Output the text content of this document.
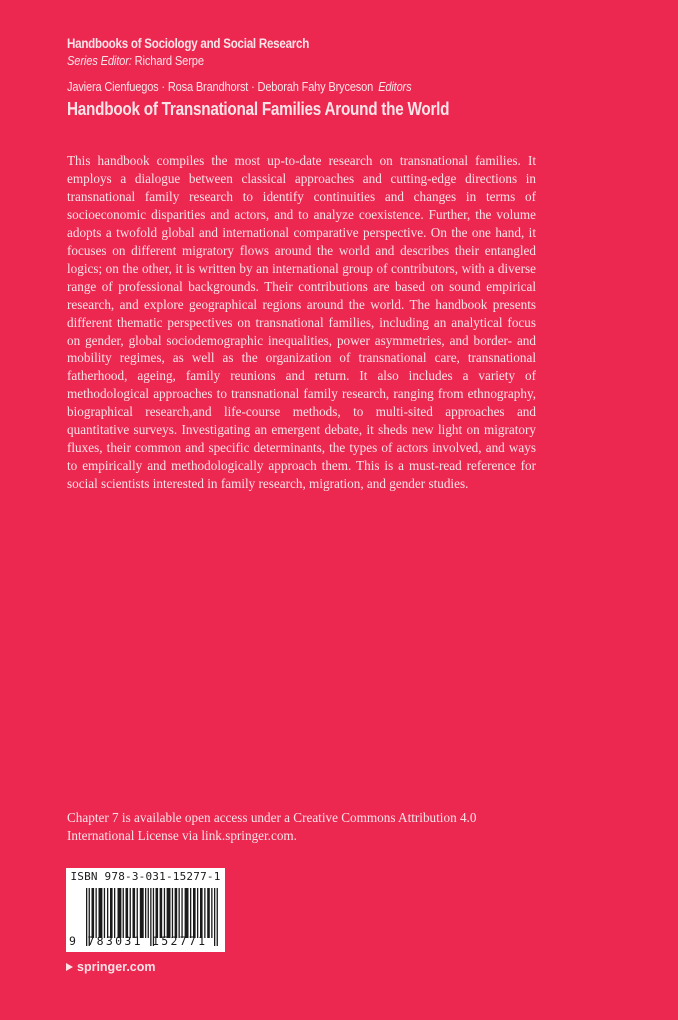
Handbooks of Sociology and Social Research
Series Editor: Richard Serpe
Javiera Cienfuegos · Rosa Brandhorst · Deborah Fahy Bryceson Editors
Handbook of Transnational Families Around the World
This handbook compiles the most up-to-date research on transnational families. It employs a dialogue between classical approaches and cutting-edge directions in transnational family research to identify continuities and changes in terms of socioeconomic disparities and actors, and to analyze coexistence. Further, the volume adopts a twofold global and international comparative perspective. On the one hand, it focuses on different migratory flows around the world and describes their entangled logics; on the other, it is written by an international group of contributors, with a diverse range of professional backgrounds. Their contributions are based on sound empirical research, and explore geographical regions around the world. The handbook presents different thematic perspectives on transnational families, including an analytical focus on gender, global sociodemographic inequalities, power asymmetries, and border- and mobility regimes, as well as the organization of transnational care, transnational fatherhood, ageing, family reunions and return. It also includes a variety of methodological approaches to transnational family research, ranging from ethnography, biographical research,and life-course methods, to multi-sited approaches and quantitative surveys. Investigating an emergent debate, it sheds new light on migratory fluxes, their common and specific determinants, the types of actors involved, and ways to empirically and methodologically approach them. This is a must-read reference for social scientists interested in family research, migration, and gender studies.
Chapter 7 is available open access under a Creative Commons Attribution 4.0 International License via link.springer.com.
ISBN 978-3-031-15277-1
9 783031 152771
springer.com
